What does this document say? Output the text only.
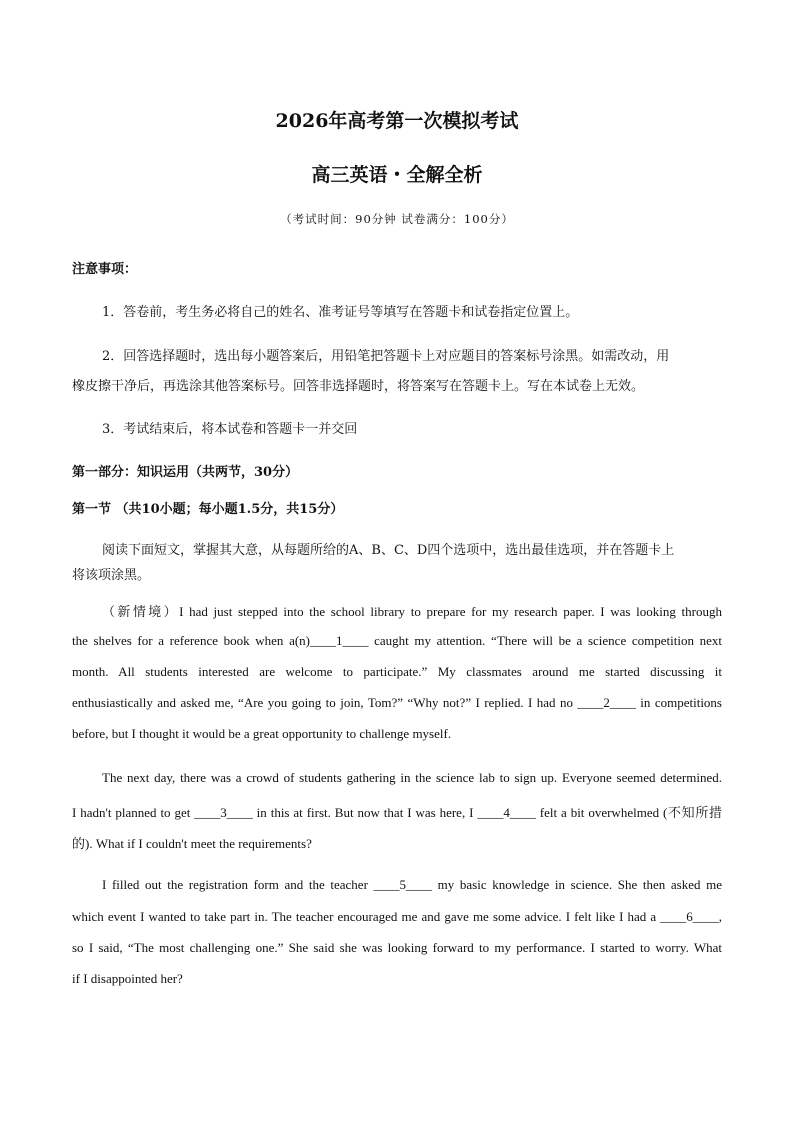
2026年高考第一次模拟考试
高三英语・全解全析
（考试时间：90分钟 试卷满分：100分）
注意事项：
1．答卷前，考生务必将自己的姓名、准考证号等填写在答题卡和试卷指定位置上。
2．回答选择题时，选出每小题答案后，用铅笔把答题卡上对应题目的答案标号涂黑。如需改动，用
橡皮擦干净后，再选涂其他答案标号。回答非选择题时，将答案写在答题卡上。写在本试卷上无效。
3．考试结束后，将本试卷和答题卡一并交回
第一部分：知识运用（共两节，30分）
第一节 （共10小题；每小题1.5分，共15分）
阅读下面短文，掌握其大意，从每题所给的A、B、C、D四个选项中，选出最佳选项，并在答题卡上
将该项涂黑。
（新情境）I had just stepped into the school library to prepare for my research paper. I was looking through
the shelves for a reference book when a(n)____1____ caught my attention. “There will be a science competition next
month. All students interested are welcome to participate.” My classmates around me started discussing it
enthusiastically and asked me, “Are you going to join, Tom?” “Why not?” I replied. I had no ____2____ in competitions
before, but I thought it would be a great opportunity to challenge myself.
The next day, there was a crowd of students gathering in the science lab to sign up. Everyone seemed determined.
I hadn't planned to get ____3____ in this at first. But now that I was here, I ____4____ felt a bit overwhelmed (不知所措
的). What if I couldn't meet the requirements?
I filled out the registration form and the teacher ____5____ my basic knowledge in science. She then asked me
which event I wanted to take part in. The teacher encouraged me and gave me some advice. I felt like I had a ____6____,
so I said, “The most challenging one.” She said she was looking forward to my performance. I started to worry. What
if I disappointed her?
